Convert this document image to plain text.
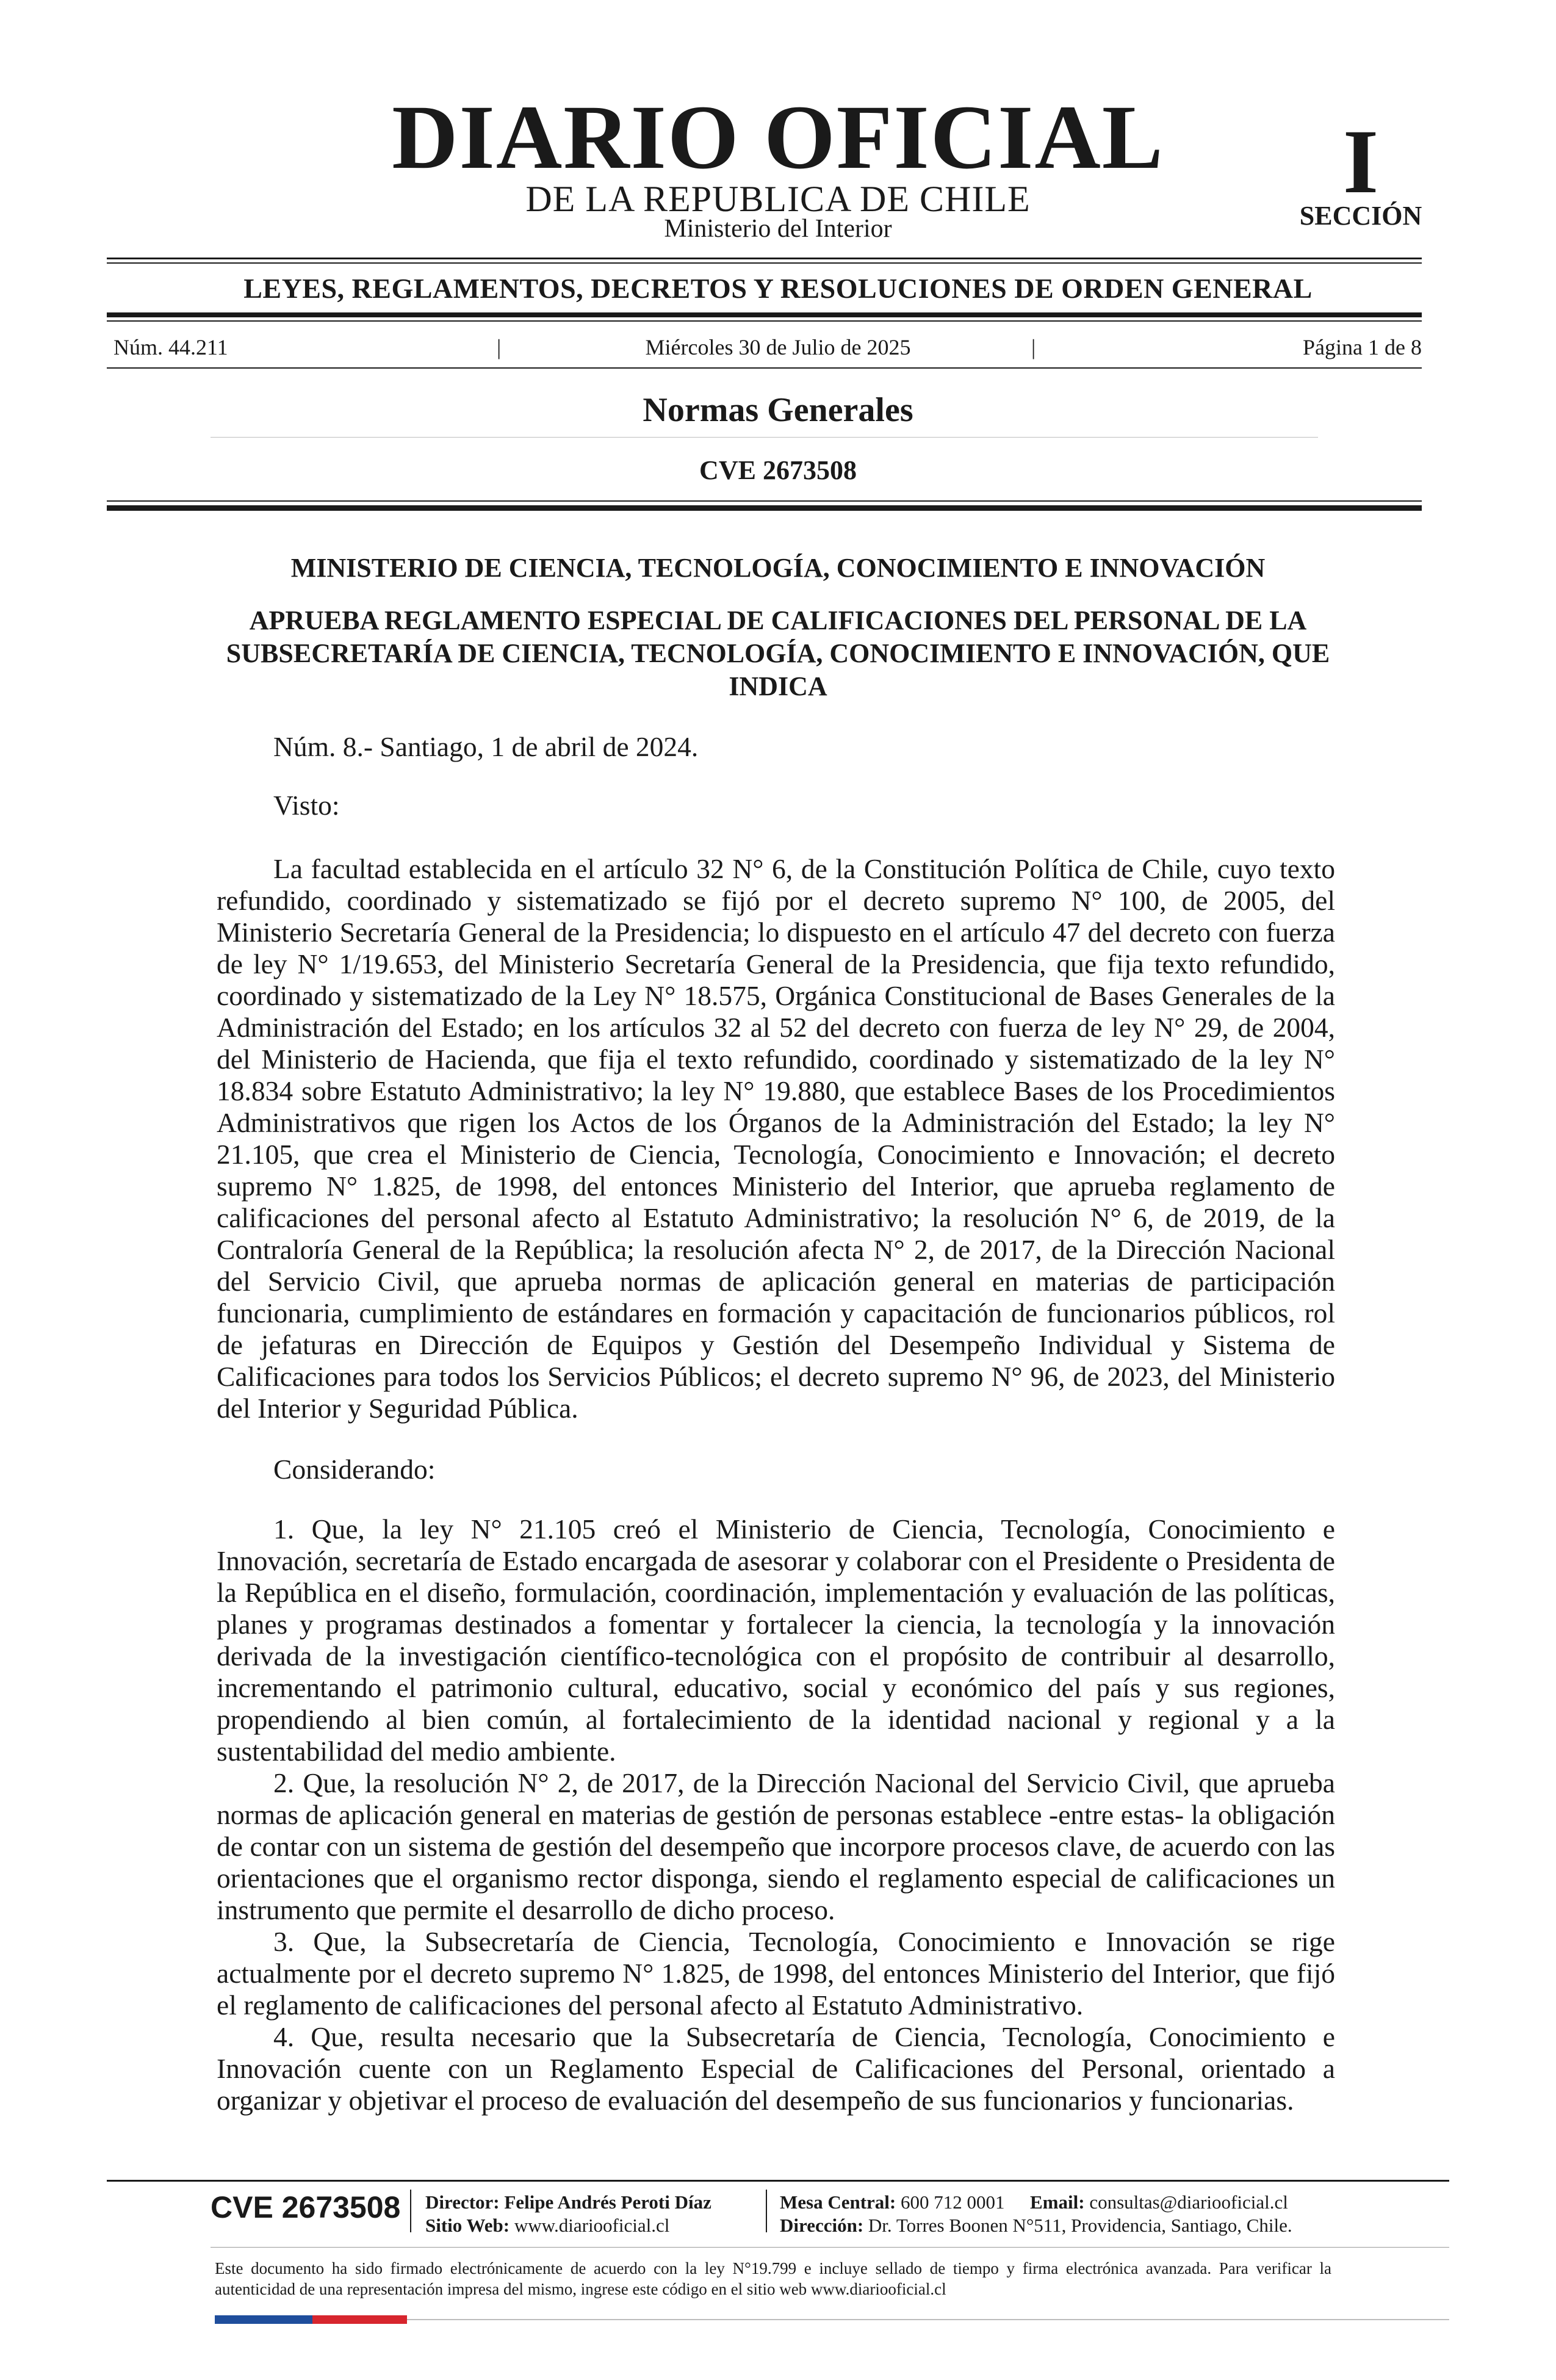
DIARIO OFICIAL
DE LA REPUBLICA DE CHILE
Ministerio del Interior
I
SECCIÓN
LEYES, REGLAMENTOS, DECRETOS Y RESOLUCIONES DE ORDEN GENERAL
Núm. 44.211	|	Miércoles 30 de Julio de 2025	|	Página 1 de 8
Normas Generales
CVE 2673508
MINISTERIO DE CIENCIA, TECNOLOGÍA, CONOCIMIENTO E INNOVACIÓN
APRUEBA REGLAMENTO ESPECIAL DE CALIFICACIONES DEL PERSONAL DE LA SUBSECRETARÍA DE CIENCIA, TECNOLOGÍA, CONOCIMIENTO E INNOVACIÓN, QUE INDICA
Núm. 8.- Santiago, 1 de abril de 2024.
Visto:
La facultad establecida en el artículo 32 N° 6, de la Constitución Política de Chile, cuyo texto refundido, coordinado y sistematizado se fijó por el decreto supremo N° 100, de 2005, del Ministerio Secretaría General de la Presidencia; lo dispuesto en el artículo 47 del decreto con fuerza de ley N° 1/19.653, del Ministerio Secretaría General de la Presidencia, que fija texto refundido, coordinado y sistematizado de la Ley N° 18.575, Orgánica Constitucional de Bases Generales de la Administración del Estado; en los artículos 32 al 52 del decreto con fuerza de ley N° 29, de 2004, del Ministerio de Hacienda, que fija el texto refundido, coordinado y sistematizado de la ley N° 18.834 sobre Estatuto Administrativo; la ley N° 19.880, que establece Bases de los Procedimientos Administrativos que rigen los Actos de los Órganos de la Administración del Estado; la ley N° 21.105, que crea el Ministerio de Ciencia, Tecnología, Conocimiento e Innovación; el decreto supremo N° 1.825, de 1998, del entonces Ministerio del Interior, que aprueba reglamento de calificaciones del personal afecto al Estatuto Administrativo; la resolución N° 6, de 2019, de la Contraloría General de la República; la resolución afecta N° 2, de 2017, de la Dirección Nacional del Servicio Civil, que aprueba normas de aplicación general en materias de participación funcionaria, cumplimiento de estándares en formación y capacitación de funcionarios públicos, rol de jefaturas en Dirección de Equipos y Gestión del Desempeño Individual y Sistema de Calificaciones para todos los Servicios Públicos; el decreto supremo N° 96, de 2023, del Ministerio del Interior y Seguridad Pública.
Considerando:
1. Que, la ley N° 21.105 creó el Ministerio de Ciencia, Tecnología, Conocimiento e Innovación, secretaría de Estado encargada de asesorar y colaborar con el Presidente o Presidenta de la República en el diseño, formulación, coordinación, implementación y evaluación de las políticas, planes y programas destinados a fomentar y fortalecer la ciencia, la tecnología y la innovación derivada de la investigación científico-tecnológica con el propósito de contribuir al desarrollo, incrementando el patrimonio cultural, educativo, social y económico del país y sus regiones, propendiendo al bien común, al fortalecimiento de la identidad nacional y regional y a la sustentabilidad del medio ambiente.
2. Que, la resolución N° 2, de 2017, de la Dirección Nacional del Servicio Civil, que aprueba normas de aplicación general en materias de gestión de personas establece -entre estas- la obligación de contar con un sistema de gestión del desempeño que incorpore procesos clave, de acuerdo con las orientaciones que el organismo rector disponga, siendo el reglamento especial de calificaciones un instrumento que permite el desarrollo de dicho proceso.
3. Que, la Subsecretaría de Ciencia, Tecnología, Conocimiento e Innovación se rige actualmente por el decreto supremo N° 1.825, de 1998, del entonces Ministerio del Interior, que fijó el reglamento de calificaciones del personal afecto al Estatuto Administrativo.
4. Que, resulta necesario que la Subsecretaría de Ciencia, Tecnología, Conocimiento e Innovación cuente con un Reglamento Especial de Calificaciones del Personal, orientado a organizar y objetivar el proceso de evaluación del desempeño de sus funcionarios y funcionarias.
CVE 2673508 Director: Felipe Andrés Peroti Díaz
Sitio Web: www.diariooficial.cl
Mesa Central: 600 712 0001 Email: consultas@diariooficial.cl
Dirección: Dr. Torres Boonen N°511, Providencia, Santiago, Chile.
Este documento ha sido firmado electrónicamente de acuerdo con la ley N°19.799 e incluye sellado de tiempo y firma electrónica avanzada. Para verificar la autenticidad de una representación impresa del mismo, ingrese este código en el sitio web www.diariooficial.cl
